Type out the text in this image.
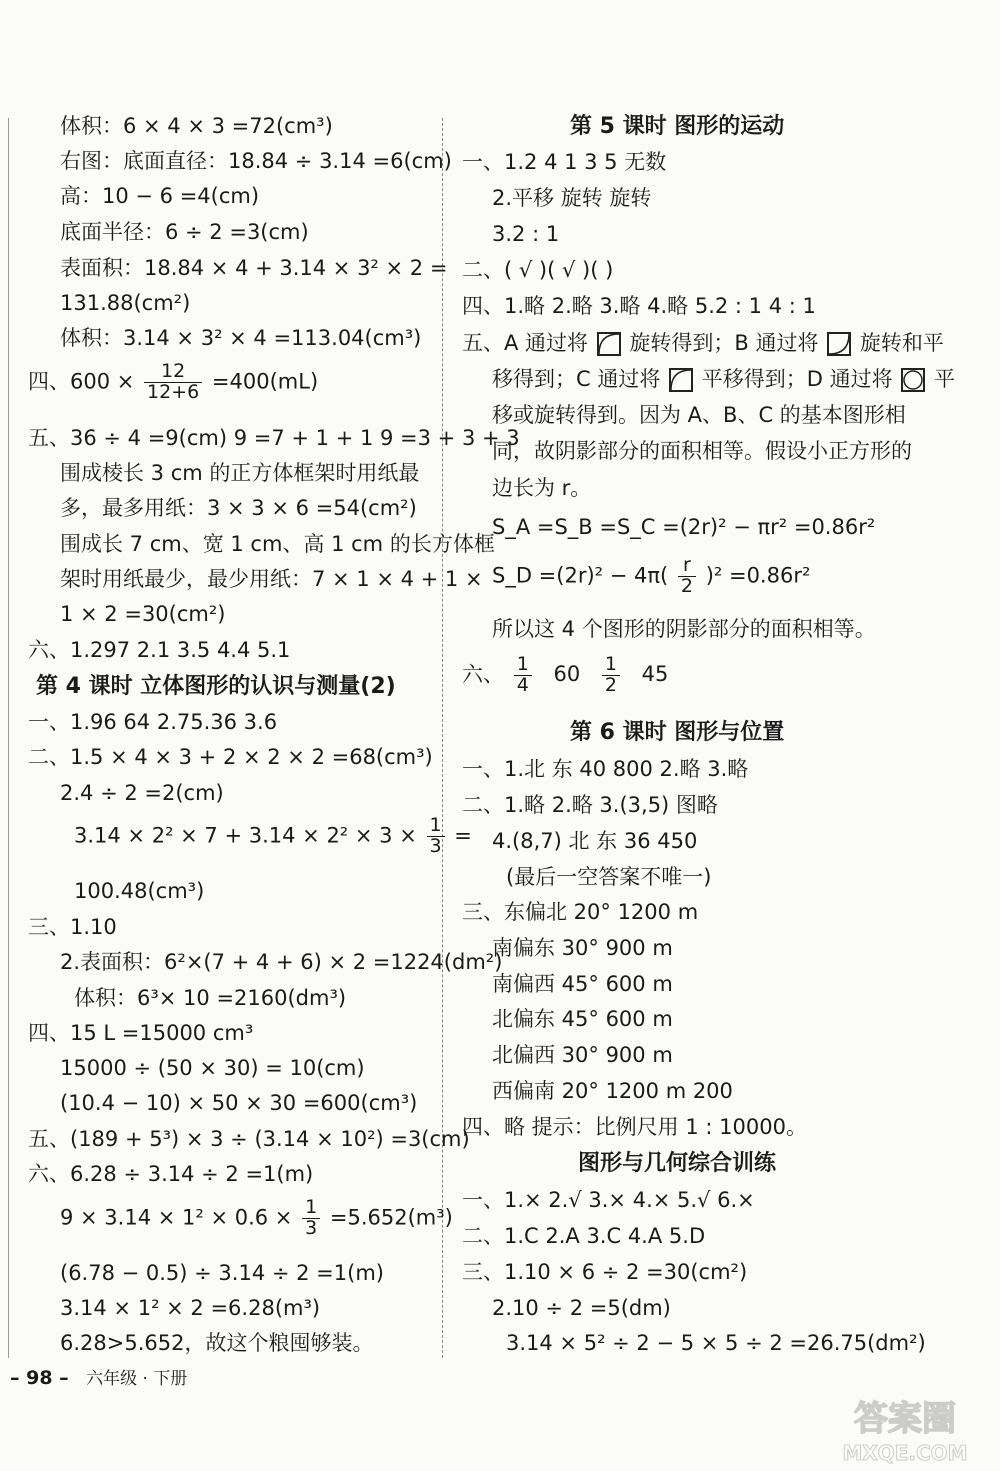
体积：6 × 4 × 3 =72(cm³)
右图：底面直径：18.84 ÷ 3.14 =6(cm)
高：10 − 6 =4(cm)
底面半径：6 ÷ 2 =3(cm)
表面积：18.84 × 4 + 3.14 × 3² × 2 =
131.88(cm²)
体积：3.14 × 3² × 4 =113.04(cm³)
四、$600 \times \frac{12}{12+6} =400(mL)$
五、36 ÷ 4 =9(cm) 9 =7 + 1 + 1 9 =3 + 3 + 3
围成棱长 3 cm 的正方体框架时用纸最
多，最多用纸：3 × 3 × 6 =54(cm²)
围成长 7 cm、宽 1 cm、高 1 cm 的长方体框
架时用纸最少，最少用纸：7 × 1 × 4 + 1 ×
1 × 2 =30(cm²)
六、1.297 2.1 3.5 4.4 5.1
第 4 课时 立体图形的认识与测量(2)
一、1.96 64 2.75.36 3.6
二、1.5 × 4 × 3 + 2 × 2 × 2 =68(cm³)
2.4 ÷ 2 =2(cm)
$3.14 \times 2^2 \times 7 + 3.14 \times 2^2 \times 3 \times \frac{1}{3}$ =
100.48(cm³)
三、1.10
2.表面积：6²×(7 + 4 + 6) × 2 =1224(dm²)
体积：6³× 10 =2160(dm³)
四、15 L =15000 cm³
15000 ÷ (50 × 30) = 10(cm)
(10.4 − 10) × 50 × 30 =600(cm³)
五、(189 + 5³) × 3 ÷ (3.14 × 10²) =3(cm)
六、6.28 ÷ 3.14 ÷ 2 =1(m)
$9 \times 3.14 \times 1^2 \times 0.6 \times \frac{1}{3} =5.652(m^3)$
(6.78 − 0.5) ÷ 3.14 ÷ 2 =1(m)
3.14 × 1² × 2 =6.28(m³)
6.28>5.652，故这个粮囤够装。
第 5 课时 图形的运动
一、1.2 4 1 3 5 无数
2.平移 旋转 旋转
3.2 : 1
二、( √ )( √ )( )
四、1.略 2.略 3.略 4.略 5.2 : 1 4 : 1
五、A 通过将 旋转得到；B 通过将 旋转和平
移得到；C 通过将 平移得到；D 通过将 平
移或旋转得到。因为 A、B、C 的基本图形相
同，故阴影部分的面积相等。假设小正方形的
边长为 r。
S_A =S_B =S_C =(2r)² − πr² =0.86r²
S_D $=(2r)^2 - 4\pi( \frac{r}{2} )^2 =0.86r^2$
所以这 4 个图形的阴影部分的面积相等。
六、 $\frac{1}{4} 60 \frac{1}{2} 45$
第 6 课时 图形与位置
一、1.北 东 40 800 2.略 3.略
二、1.略 2.略 3.(3,5) 图略
4.(8,7) 北 东 36 450
(最后一空答案不唯一)
三、东偏北 20° 1200 m
南偏东 30° 900 m
南偏西 45° 600 m
北偏东 45° 600 m
北偏西 30° 900 m
西偏南 20° 1200 m 200
四、略 提示：比例尺用 1 : 10000。
图形与几何综合训练
一、1.× 2.√ 3.× 4.× 5.√ 6.×
二、1.C 2.A 3.C 4.A 5.D
三、1.10 × 6 ÷ 2 =30(cm²)
2.10 ÷ 2 =5(dm)
3.14 × 5² ÷ 2 − 5 × 5 ÷ 2 =26.75(dm²)
– 98 – 六年级 · 下册
答案圈
MXQE.COM
